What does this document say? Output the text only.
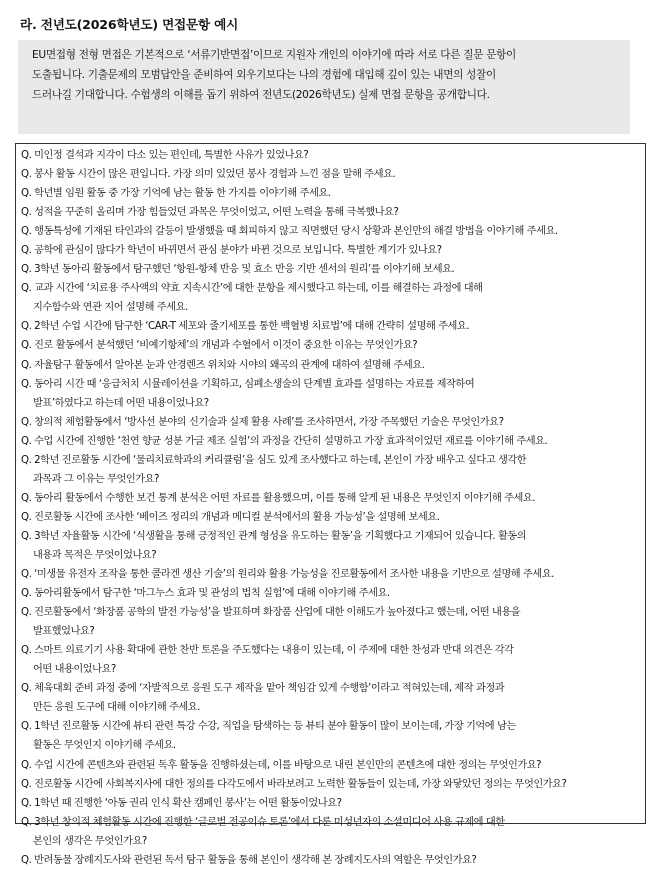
라. 전년도(2026학년도) 면접문항 예시
EU면접형 전형 면접은 기본적으로 ‘서류기반면접’이므로 지원자 개인의 이야기에 따라 서로 다른 질문 문항이
도출됩니다. 기출문제의 모범답안을 준비하여 외우기보다는 나의 경험에 대입해 깊이 있는 내면의 성찰이
드러나길 기대합니다. 수험생의 이해를 돕기 위하여 전년도(2026학년도) 실제 면접 문항을 공개합니다.
Q. 미인정 결석과 지각이 다소 있는 편인데, 특별한 사유가 있었나요?
Q. 봉사 활동 시간이 많은 편입니다. 가장 의미 있었던 봉사 경험과 느낀 점을 말해 주세요.
Q. 학년별 임원 활동 중 가장 기억에 남는 활동 한 가지를 이야기해 주세요.
Q. 성적을 꾸준히 올리며 가장 힘들었던 과목은 무엇이었고, 어떤 노력을 통해 극복했나요?
Q. 행동특성에 기재된 타인과의 갈등이 발생했을 때 회피하지 않고 직면했던 당시 상황과 본인만의 해결 방법을 이야기해 주세요.
Q. 공학에 관심이 많다가 학년이 바뀌면서 관심 분야가 바뀐 것으로 보입니다. 특별한 계기가 있나요?
Q. 3학년 동아리 활동에서 탐구했던 ‘항원-항체 반응 및 효소 반응 기반 센서의 원리’를 이야기해 보세요.
Q. 교과 시간에 ‘치료용 주사액의 약효 지속시간’에 대한 문항을 제시했다고 하는데, 이를 해결하는 과정에 대해
지수함수와 연관 지어 설명해 주세요.
Q. 2학년 수업 시간에 탐구한 ‘CAR-T 세포와 줄기세포를 통한 백혈병 치료법’에 대해 간략히 설명해 주세요.
Q. 진로 활동에서 분석했던 ‘비예기항체’의 개념과 수혈에서 이것이 중요한 이유는 무엇인가요?
Q. 자율탐구 활동에서 알아본 눈과 안경렌즈 위치와 시야의 왜곡의 관계에 대하여 설명해 주세요.
Q. 동아리 시간 때 ‘응급처치 시뮬레이션을 기획하고, 심폐소생술의 단계별 효과를 설명하는 자료를 제작하여
발표’하였다고 하는데 어떤 내용이었나요?
Q. 창의적 체험활동에서 ‘방사선 분야의 신기술과 실제 활용 사례’를 조사하면서, 가장 주목했던 기술은 무엇인가요?
Q. 수업 시간에 진행한 ‘천연 향균 성분 가글 제조 실험’의 과정을 간단히 설명하고 가장 효과적이었던 재료를 이야기해 주세요.
Q. 2학년 진로활동 시간에 ‘물리치료학과의 커리큘럼’을 심도 있게 조사했다고 하는데, 본인이 가장 배우고 싶다고 생각한
과목과 그 이유는 무엇인가요?
Q. 동아리 활동에서 수행한 보건 통계 분석은 어떤 자료를 활용했으며, 이를 통해 알게 된 내용은 무엇인지 이야기해 주세요.
Q. 진로활동 시간에 조사한 ‘베이즈 정리의 개념과 메디컬 분석에서의 활용 가능성’을 설명해 보세요.
Q. 3학년 자율활동 시간에 ‘식생활을 통해 긍정적인 관계 형성을 유도하는 활동’을 기획했다고 기재되어 있습니다. 활동의
내용과 목적은 무엇이었나요?
Q. ‘미생물 유전자 조작을 통한 콜라겐 생산 기술’의 원리와 활용 가능성을 진로활동에서 조사한 내용을 기반으로 설명해 주세요.
Q. 동아리활동에서 탐구한 ‘마그누스 효과 및 관성의 법칙 실험’에 대해 이야기해 주세요.
Q. 진로활동에서 ‘화장품 공학의 발전 가능성’을 발표하며 화장품 산업에 대한 이해도가 높아졌다고 했는데, 어떤 내용을
발표했었나요?
Q. 스마트 의료기기 사용 확대에 관한 찬반 토론을 주도했다는 내용이 있는데, 이 주제에 대한 찬성과 반대 의견은 각각
어떤 내용이었나요?
Q. 체육대회 준비 과정 중에 ‘자발적으로 응원 도구 제작을 맡아 책임감 있게 수행함’이라고 적혀있는데, 제작 과정과
만든 응원 도구에 대해 이야기해 주세요.
Q. 1학년 진로활동 시간에 뷰티 관련 특강 수강, 직업을 탐색하는 등 뷰티 분야 활동이 많이 보이는데, 가장 기억에 남는
활동은 무엇인지 이야기해 주세요.
Q. 수업 시간에 콘텐츠와 관련된 독후 활동을 진행하셨는데, 이를 바탕으로 내린 본인만의 콘텐츠에 대한 정의는 무엇인가요?
Q. 진로활동 시간에 사회복지사에 대한 정의를 다각도에서 바라보려고 노력한 활동들이 있는데, 가장 와닿았던 정의는 무엇인가요?
Q. 1학년 때 진행한 ‘아동 권리 인식 확산 캠페인 봉사’는 어떤 활동이었나요?
Q. 3학년 창의적 체험활동 시간에 진행한 ‘글로벌 전공이슈 토론’에서 다룬 미성년자의 소셜미디어 사용 규제에 대한
본인의 생각은 무엇인가요?
Q. 반려동물 장례지도사와 관련된 독서 탐구 활동을 통해 본인이 생각해 본 장례지도사의 역할은 무엇인가요?
